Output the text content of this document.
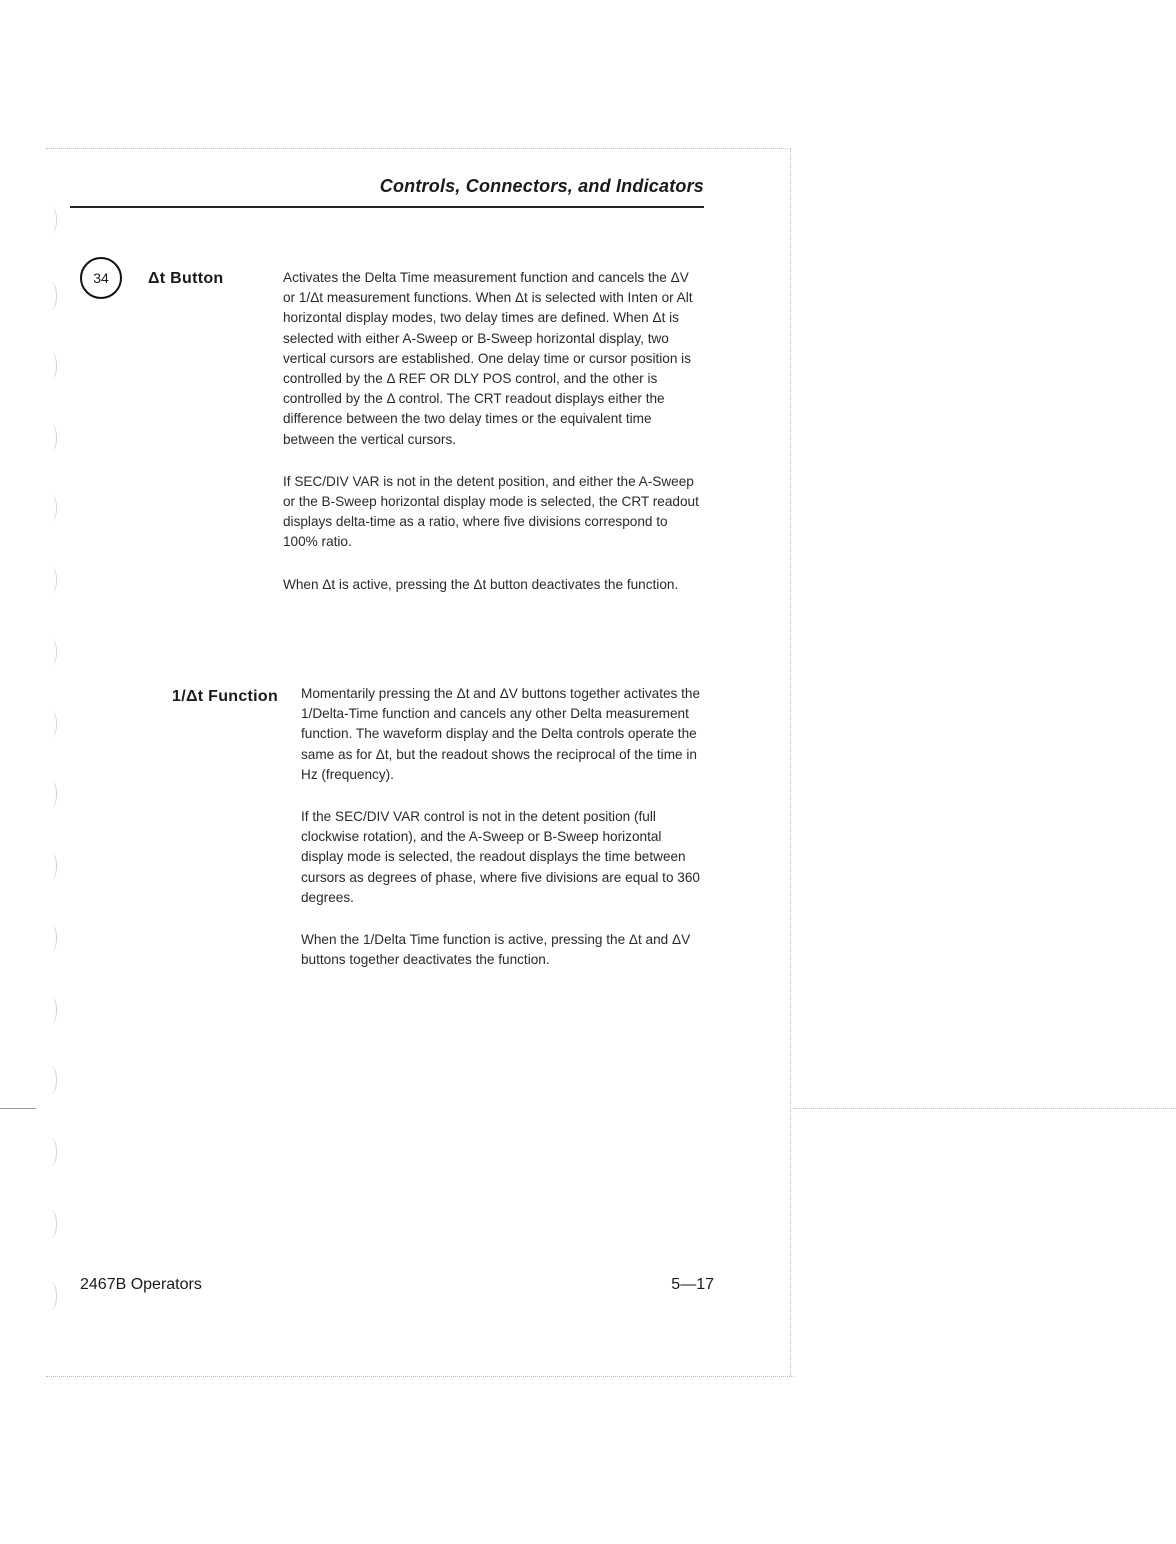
Controls, Connectors, and Indicators
34	Δt Button	Activates the Delta Time measurement function and cancels the ΔV or 1/Δt measurement functions. When Δt is selected with Inten or Alt horizontal display modes, two delay times are defined. When Δt is selected with either A-Sweep or B-Sweep horizontal display, two vertical cursors are established. One delay time or cursor position is controlled by the Δ REF OR DLY POS control, and the other is controlled by the Δ control. The CRT readout displays either the difference between the two delay times or the equivalent time between the vertical cursors.

If SEC/DIV VAR is not in the detent position, and either the A-Sweep or the B-Sweep horizontal display mode is selected, the CRT readout displays delta-time as a ratio, where five divisions correspond to 100% ratio.

When Δt is active, pressing the Δt button deactivates the function.

1/Δt Function Momentarily pressing the Δt and ΔV buttons together activates the 1/Delta-Time function and cancels any other Delta measurement function. The waveform display and the Delta controls operate the same as for Δt, but the readout shows the reciprocal of the time in Hz (frequency).

If the SEC/DIV VAR control is not in the detent position (full clockwise rotation), and the A-Sweep or B-Sweep horizontal display mode is selected, the readout displays the time between cursors as degrees of phase, where five divisions are equal to 360 degrees.

When the 1/Delta Time function is active, pressing the Δt and ΔV buttons together deactivates the function.

2467B Operators	5—17
